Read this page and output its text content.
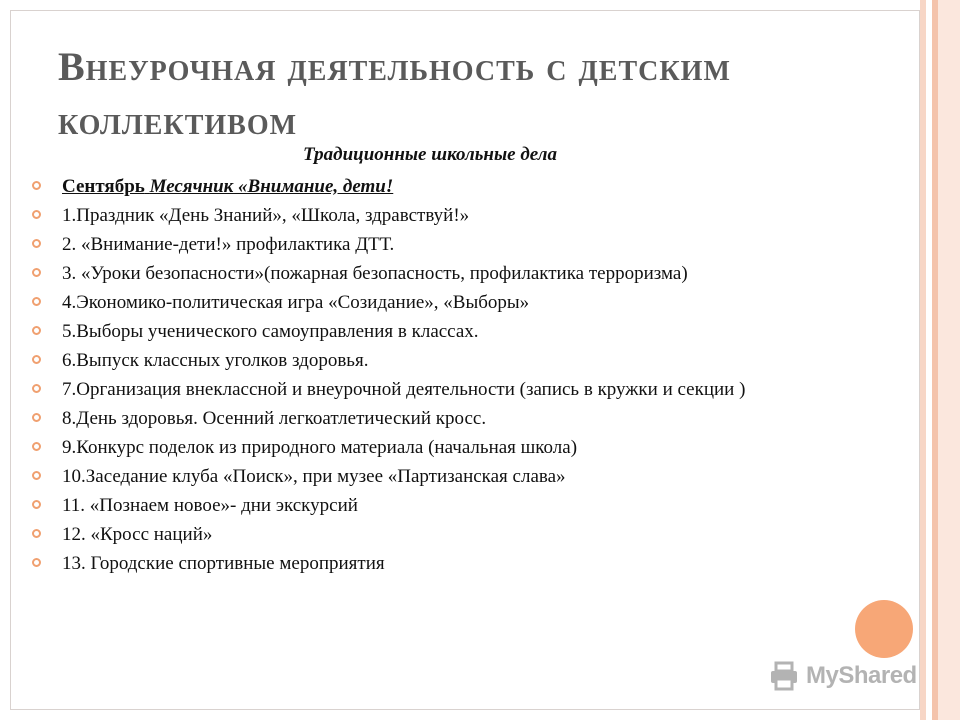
Внеурочная деятельность с детским коллективом
Традиционные школьные дела
Сентябрь Месячник «Внимание, дети!
1.Праздник «День Знаний», «Школа, здравствуй!»
2. «Внимание-дети!» профилактика ДТТ.
3. «Уроки безопасности»(пожарная безопасность, профилактика терроризма)
4.Экономико-политическая игра «Созидание», «Выборы»
5.Выборы ученического самоуправления в классах.
6.Выпуск классных уголков здоровья.
7.Организация внеклассной и внеурочной деятельности (запись в кружки и секции )
8.День здоровья. Осенний легкоатлетический кросс.
9.Конкурс поделок из природного материала (начальная школа)
10.Заседание клуба «Поиск», при музее «Партизанская слава»
11. «Познаем новое»- дни экскурсий
12. «Кросс наций»
13. Городские спортивные мероприятия
MyShared
